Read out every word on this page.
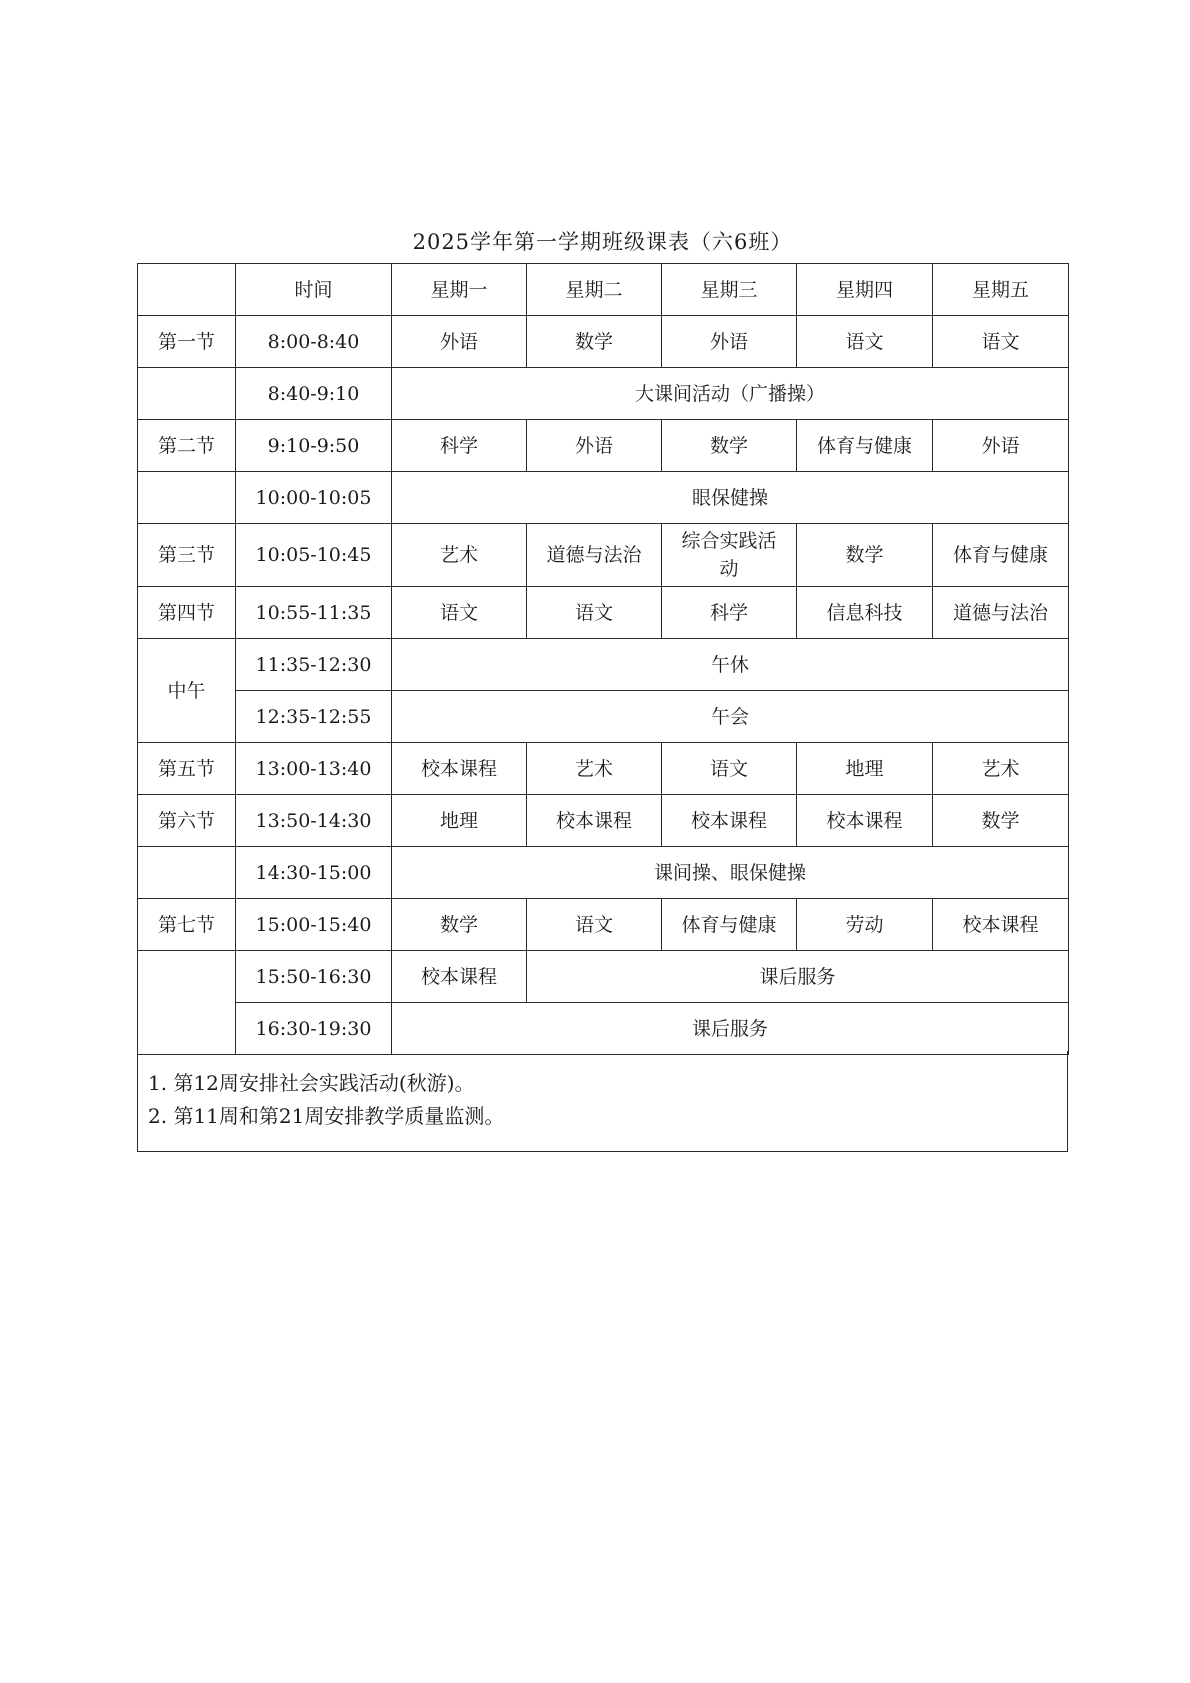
2025学年第一学期班级课表（六6班）
	时间	星期一	星期二	星期三	星期四	星期五
第一节	8:00-8:40	外语	数学	外语	语文	语文
	8:40-9:10	大课间活动（广播操）				
第二节	9:10-9:50	科学	外语	数学	体育与健康	外语
	10:00-10:05	眼保健操				
第三节	10:05-10:45	艺术	道德与法治	综合实践活动	数学	体育与健康
第四节	10:55-11:35	语文	语文	科学	信息科技	道德与法治
中午	11:35-12:30	午休				
	12:35-12:55	午会				
第五节	13:00-13:40	校本课程	艺术	语文	地理	艺术
第六节	13:50-14:30	地理	校本课程	校本课程	校本课程	数学
	14:30-15:00	课间操、眼保健操				
第七节	15:00-15:40	数学	语文	体育与健康	劳动	校本课程
	15:50-16:30	校本课程	课后服务			
	16:30-19:30	课后服务				

1. 第12周安排社会实践活动(秋游)。

2. 第11周和第21周安排教学质量监测。
